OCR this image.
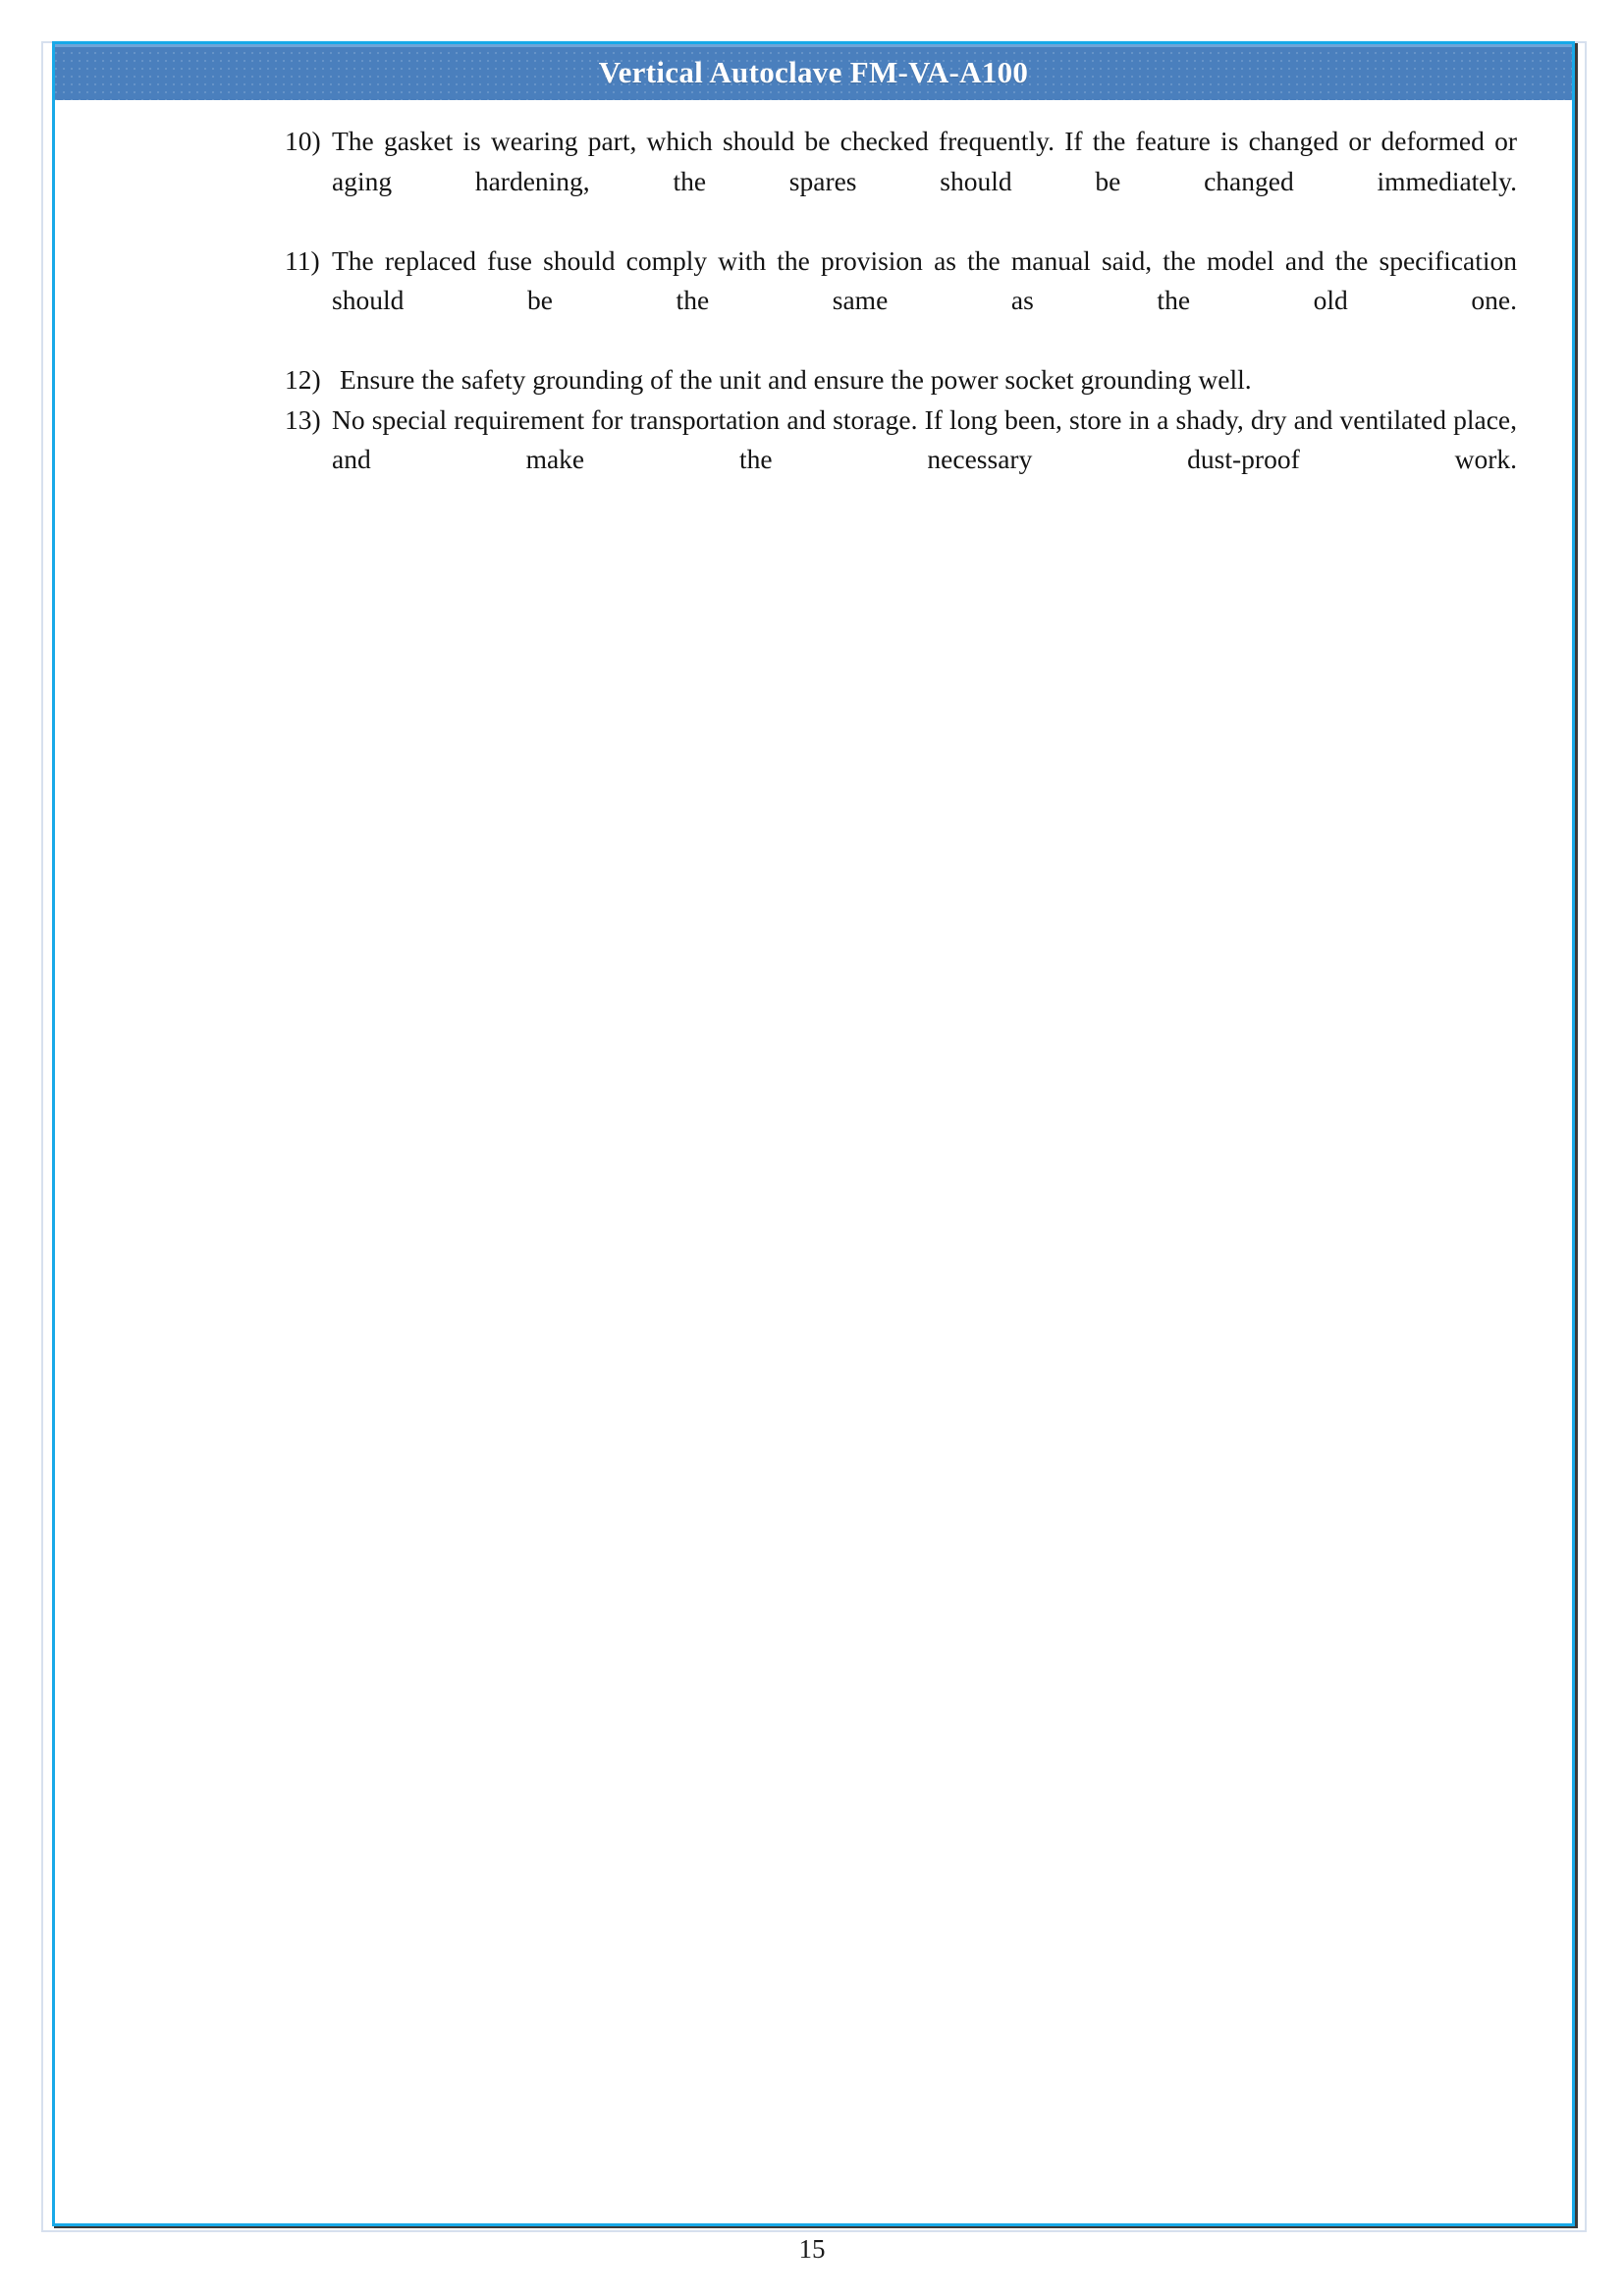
Vertical Autoclave FM-VA-A100
10) The gasket is wearing part, which should be checked frequently. If the feature is changed or deformed or aging hardening, the spares should be changed immediately.
11) The replaced fuse should comply with the provision as the manual said, the model and the specification should be the same as the old one.
12) Ensure the safety grounding of the unit and ensure the power socket grounding well.
13) No special requirement for transportation and storage. If long been, store in a shady, dry and ventilated place, and make the necessary dust-proof work.
15
